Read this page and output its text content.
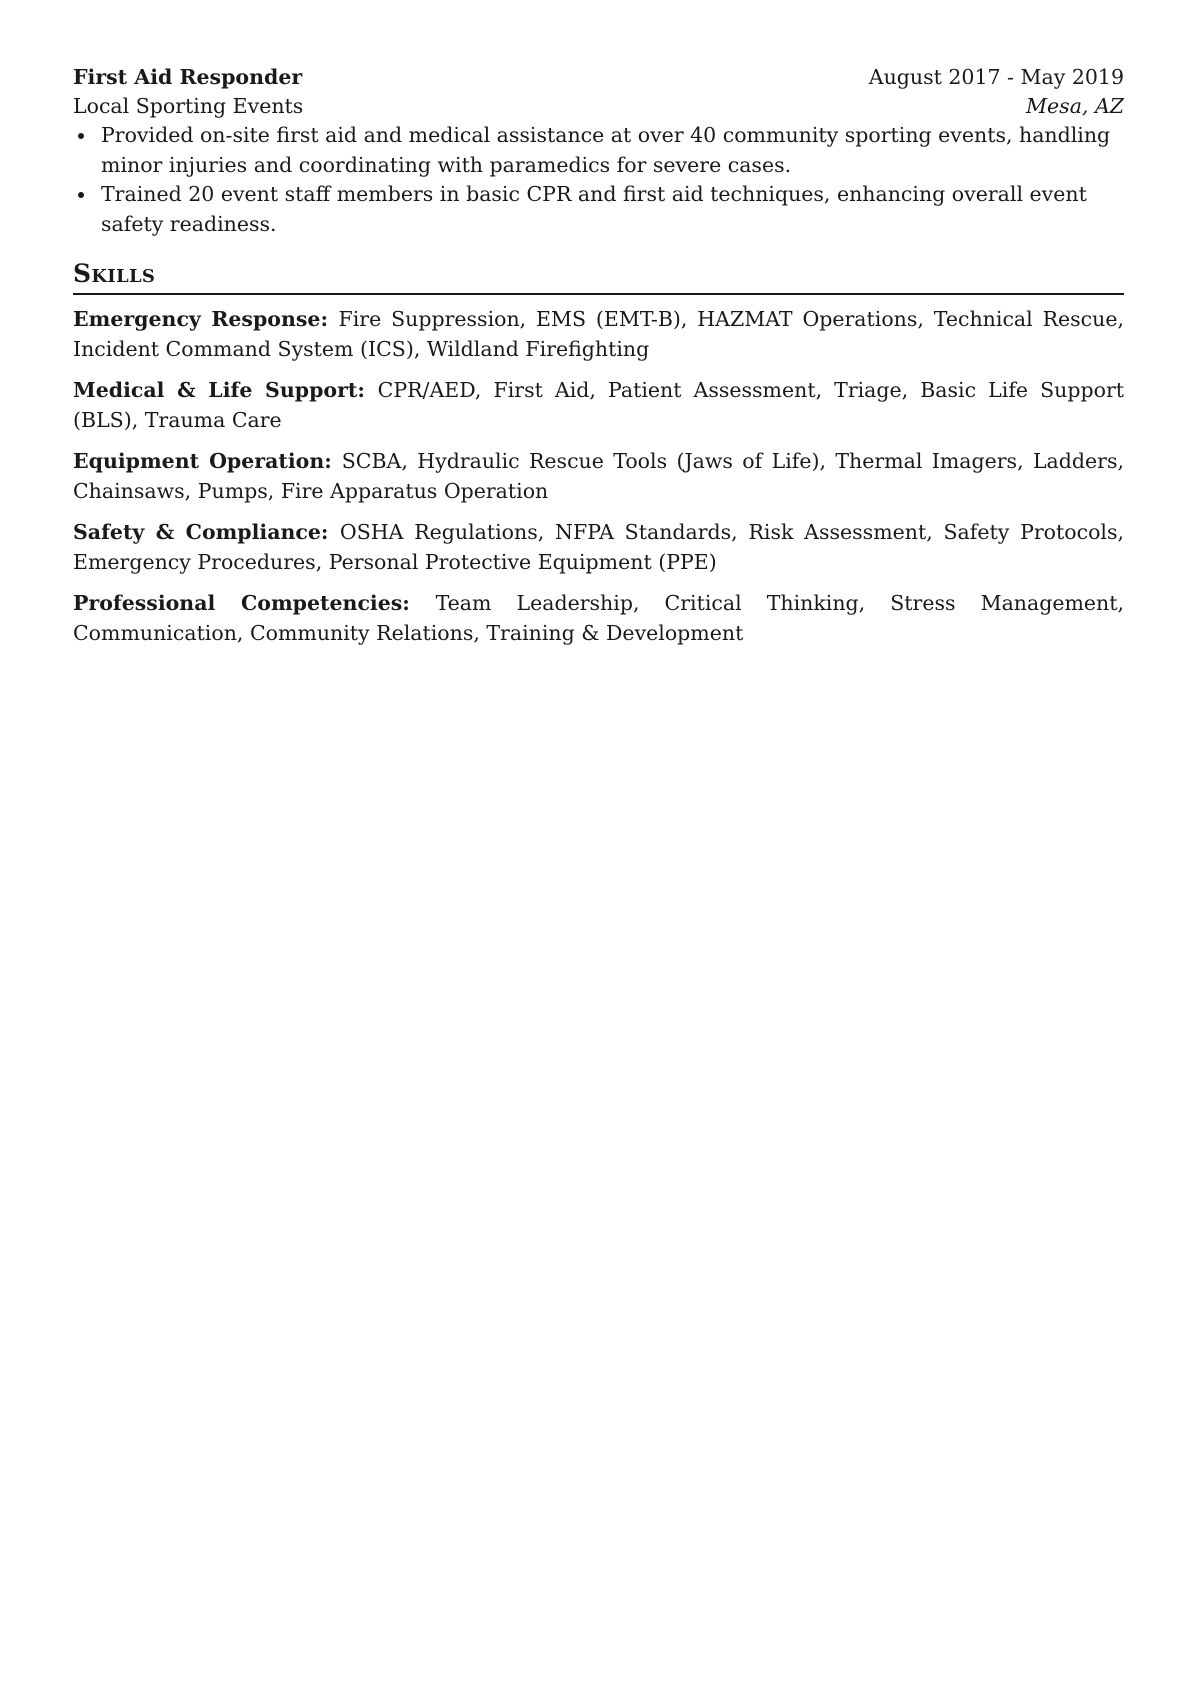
First Aid Responder	August 2017 - May 2019
Local Sporting Events	Mesa, AZ
Provided on-site first aid and medical assistance at over 40 community sporting events, handling minor injuries and coordinating with paramedics for severe cases.
Trained 20 event staff members in basic CPR and first aid techniques, enhancing overall event safety readiness.
Skills
Emergency Response: Fire Suppression, EMS (EMT-B), HAZMAT Operations, Technical Rescue, Incident Command System (ICS), Wildland Firefighting
Medical & Life Support: CPR/AED, First Aid, Patient Assessment, Triage, Basic Life Support (BLS), Trauma Care
Equipment Operation: SCBA, Hydraulic Rescue Tools (Jaws of Life), Thermal Imagers, Ladders, Chainsaws, Pumps, Fire Apparatus Operation
Safety & Compliance: OSHA Regulations, NFPA Standards, Risk Assessment, Safety Protocols, Emergency Procedures, Personal Protective Equipment (PPE)
Professional Competencies: Team Leadership, Critical Thinking, Stress Management, Communication, Community Relations, Training & Development
